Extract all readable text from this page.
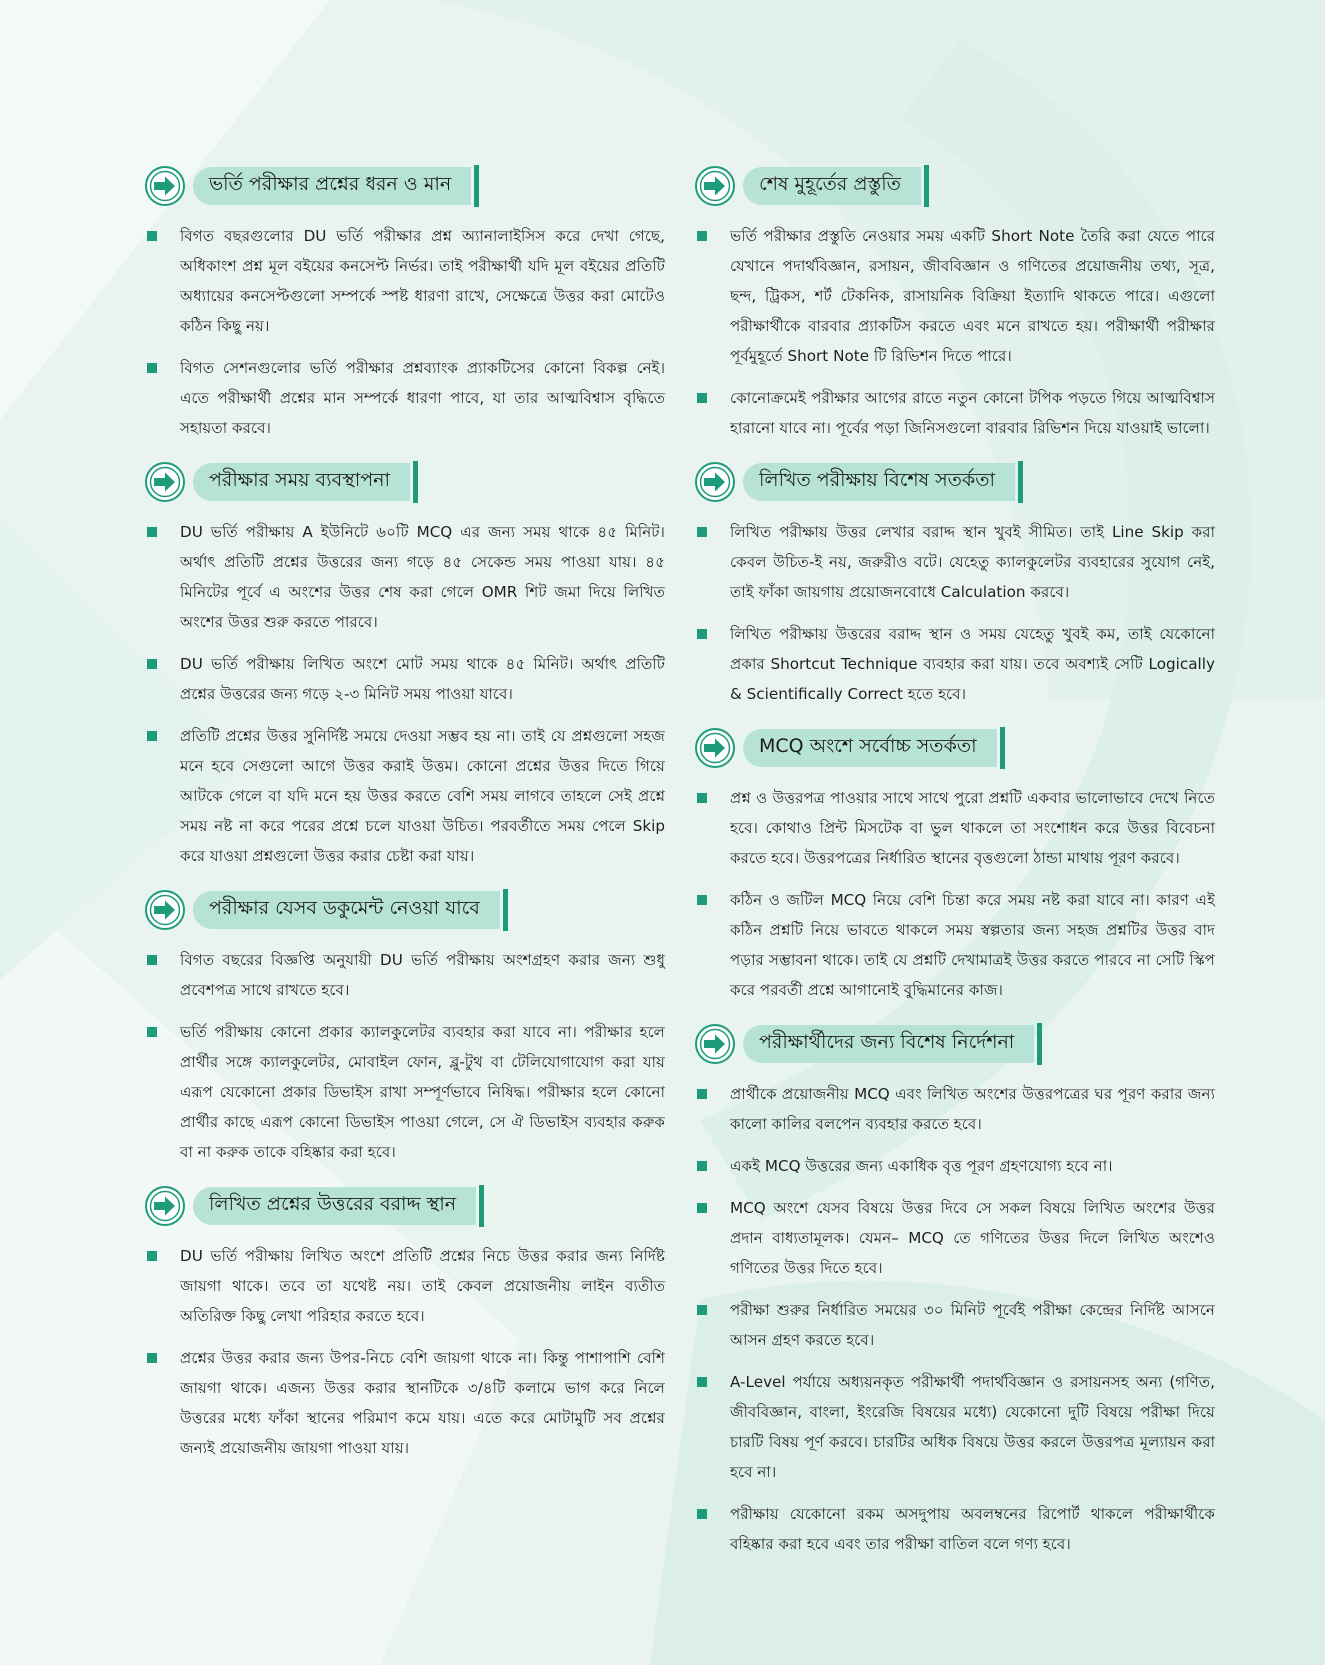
ভর্তি পরীক্ষার প্রশ্নের ধরন ও মান
বিগত বছরগুলোর DU ভর্তি পরীক্ষার প্রশ্ন অ্যানালাইসিস করে দেখা গেছে, অধিকাংশ প্রশ্ন মূল বইয়ের কনসেপ্ট নির্ভর। তাই পরীক্ষার্থী যদি মূল বইয়ের প্রতিটি অধ্যায়ের কনসেপ্টগুলো সম্পর্কে স্পষ্ট ধারণা রাখে, সেক্ষেত্রে উত্তর করা মোটেও কঠিন কিছু নয়।
বিগত সেশনগুলোর ভর্তি পরীক্ষার প্রশ্নব্যাংক প্র্যাকটিসের কোনো বিকল্প নেই। এতে পরীক্ষার্থী প্রশ্নের মান সম্পর্কে ধারণা পাবে, যা তার আত্মবিশ্বাস বৃদ্ধিতে সহায়তা করবে।
পরীক্ষার সময় ব্যবস্থাপনা
DU ভর্তি পরীক্ষায় A ইউনিটে ৬০টি MCQ এর জন্য সময় থাকে ৪৫ মিনিট। অর্থাৎ প্রতিটি প্রশ্নের উত্তরের জন্য গড়ে ৪৫ সেকেন্ড সময় পাওয়া যায়। ৪৫ মিনিটের পূর্বে এ অংশের উত্তর শেষ করা গেলে OMR শিট জমা দিয়ে লিখিত অংশের উত্তর শুরু করতে পারবে।
DU ভর্তি পরীক্ষায় লিখিত অংশে মোট সময় থাকে ৪৫ মিনিট। অর্থাৎ প্রতিটি প্রশ্নের উত্তরের জন্য গড়ে ২-৩ মিনিট সময় পাওয়া যাবে।
প্রতিটি প্রশ্নের উত্তর সুনির্দিষ্ট সময়ে দেওয়া সম্ভব হয় না। তাই যে প্রশ্নগুলো সহজ মনে হবে সেগুলো আগে উত্তর করাই উত্তম। কোনো প্রশ্নের উত্তর দিতে গিয়ে আটকে গেলে বা যদি মনে হয় উত্তর করতে বেশি সময় লাগবে তাহলে সেই প্রশ্নে সময় নষ্ট না করে পরের প্রশ্নে চলে যাওয়া উচিত। পরবর্তীতে সময় পেলে Skip করে যাওয়া প্রশ্নগুলো উত্তর করার চেষ্টা করা যায়।
পরীক্ষার যেসব ডকুমেন্ট নেওয়া যাবে
বিগত বছরের বিজ্ঞপ্তি অনুযায়ী DU ভর্তি পরীক্ষায় অংশগ্রহণ করার জন্য শুধু প্রবেশপত্র সাথে রাখতে হবে।
ভর্তি পরীক্ষায় কোনো প্রকার ক্যালকুলেটর ব্যবহার করা যাবে না। পরীক্ষার হলে প্রার্থীর সঙ্গে ক্যালকুলেটর, মোবাইল ফোন, ব্লু-টুথ বা টেলিযোগাযোগ করা যায় এরূপ যেকোনো প্রকার ডিভাইস রাখা সম্পূর্ণভাবে নিষিদ্ধ। পরীক্ষার হলে কোনো প্রার্থীর কাছে এরূপ কোনো ডিভাইস পাওয়া গেলে, সে ঐ ডিভাইস ব্যবহার করুক বা না করুক তাকে বহিষ্কার করা হবে।
লিখিত প্রশ্নের উত্তরের বরাদ্দ স্থান
DU ভর্তি পরীক্ষায় লিখিত অংশে প্রতিটি প্রশ্নের নিচে উত্তর করার জন্য নির্দিষ্ট জায়গা থাকে। তবে তা যথেষ্ট নয়। তাই কেবল প্রয়োজনীয় লাইন ব্যতীত অতিরিক্ত কিছু লেখা পরিহার করতে হবে।
প্রশ্নের উত্তর করার জন্য উপর-নিচে বেশি জায়গা থাকে না। কিন্তু পাশাপাশি বেশি জায়গা থাকে। এজন্য উত্তর করার স্থানটিকে ৩/৪টি কলামে ভাগ করে নিলে উত্তরের মধ্যে ফাঁকা স্থানের পরিমাণ কমে যায়। এতে করে মোটামুটি সব প্রশ্নের জন্যই প্রয়োজনীয় জায়গা পাওয়া যায়।
শেষ মুহূর্তের প্রস্তুতি
ভর্তি পরীক্ষার প্রস্তুতি নেওয়ার সময় একটি Short Note তৈরি করা যেতে পারে যেখানে পদার্থবিজ্ঞান, রসায়ন, জীববিজ্ঞান ও গণিতের প্রয়োজনীয় তথ্য, সূত্র, ছন্দ, ট্রিকস, শর্ট টেকনিক, রাসায়নিক বিক্রিয়া ইত্যাদি থাকতে পারে। এগুলো পরীক্ষার্থীকে বারবার প্র্যাকটিস করতে এবং মনে রাখতে হয়। পরীক্ষার্থী পরীক্ষার পূর্বমুহূর্তে Short Note টি রিভিশন দিতে পারে।
কোনোক্রমেই পরীক্ষার আগের রাতে নতুন কোনো টপিক পড়তে গিয়ে আত্মবিশ্বাস হারানো যাবে না। পূর্বের পড়া জিনিসগুলো বারবার রিভিশন দিয়ে যাওয়াই ভালো।
লিখিত পরীক্ষায় বিশেষ সতর্কতা
লিখিত পরীক্ষায় উত্তর লেখার বরাদ্দ স্থান খুবই সীমিত। তাই Line Skip করা কেবল উচিত-ই নয়, জরুরীও বটে। যেহেতু ক্যালকুলেটর ব্যবহারের সুযোগ নেই, তাই ফাঁকা জায়গায় প্রয়োজনবোধে Calculation করবে।
লিখিত পরীক্ষায় উত্তরের বরাদ্দ স্থান ও সময় যেহেতু খুবই কম, তাই যেকোনো প্রকার Shortcut Technique ব্যবহার করা যায়। তবে অবশ্যই সেটি Logically & Scientifically Correct হতে হবে।
MCQ অংশে সর্বোচ্চ সতর্কতা
প্রশ্ন ও উত্তরপত্র পাওয়ার সাথে সাথে পুরো প্রশ্নটি একবার ভালোভাবে দেখে নিতে হবে। কোথাও প্রিন্ট মিসটেক বা ভুল থাকলে তা সংশোধন করে উত্তর বিবেচনা করতে হবে। উত্তরপত্রের নির্ধারিত স্থানের বৃত্তগুলো ঠান্ডা মাথায় পূরণ করবে।
কঠিন ও জটিল MCQ নিয়ে বেশি চিন্তা করে সময় নষ্ট করা যাবে না। কারণ এই কঠিন প্রশ্নটি নিয়ে ভাবতে থাকলে সময় স্বল্পতার জন্য সহজ প্রশ্নটির উত্তর বাদ পড়ার সম্ভাবনা থাকে। তাই যে প্রশ্নটি দেখামাত্রই উত্তর করতে পারবে না সেটি স্কিপ করে পরবর্তী প্রশ্নে আগানোই বুদ্ধিমানের কাজ।
পরীক্ষার্থীদের জন্য বিশেষ নির্দেশনা
প্রার্থীকে প্রয়োজনীয় MCQ এবং লিখিত অংশের উত্তরপত্রের ঘর পূরণ করার জন্য কালো কালির বলপেন ব্যবহার করতে হবে।
একই MCQ উত্তরের জন্য একাধিক বৃত্ত পূরণ গ্রহণযোগ্য হবে না।
MCQ অংশে যেসব বিষয়ে উত্তর দিবে সে সকল বিষয়ে লিখিত অংশের উত্তর প্রদান বাধ্যতামূলক। যেমন– MCQ তে গণিতের উত্তর দিলে লিখিত অংশেও গণিতের উত্তর দিতে হবে।
পরীক্ষা শুরুর নির্ধারিত সময়ের ৩০ মিনিট পূর্বেই পরীক্ষা কেন্দ্রের নির্দিষ্ট আসনে আসন গ্রহণ করতে হবে।
A-Level পর্যায়ে অধ্যয়নকৃত পরীক্ষার্থী পদার্থবিজ্ঞান ও রসায়নসহ অন্য (গণিত, জীববিজ্ঞান, বাংলা, ইংরেজি বিষয়ের মধ্যে) যেকোনো দুটি বিষয়ে পরীক্ষা দিয়ে চারটি বিষয় পূর্ণ করবে। চারটির অধিক বিষয়ে উত্তর করলে উত্তরপত্র মূল্যায়ন করা হবে না।
পরীক্ষায় যেকোনো রকম অসদুপায় অবলম্বনের রিপোর্ট থাকলে পরীক্ষার্থীকে বহিষ্কার করা হবে এবং তার পরীক্ষা বাতিল বলে গণ্য হবে।
